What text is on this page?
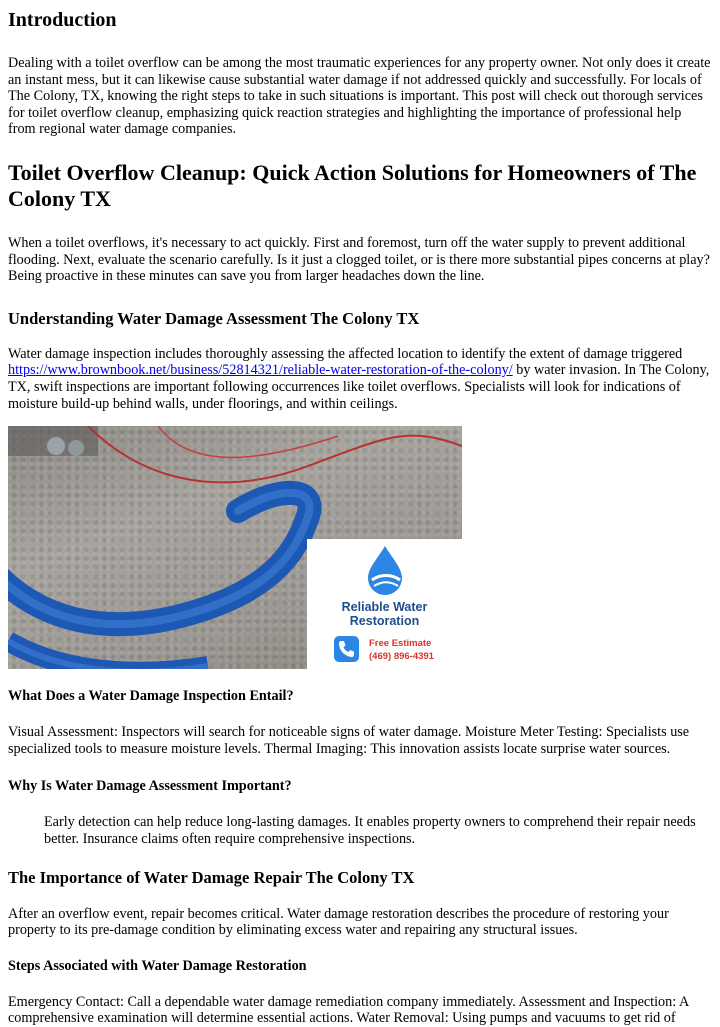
Introduction

Dealing with a toilet overflow can be among the most traumatic experiences for any property owner. Not only does it create an instant mess, but it can likewise cause substantial water damage if not addressed quickly and successfully. For locals of The Colony, TX, knowing the right steps to take in such situations is important. This post will check out thorough services for toilet overflow cleanup, emphasizing quick reaction strategies and highlighting the importance of professional help from regional water damage companies.

Toilet Overflow Cleanup: Quick Action Solutions for Homeowners of The Colony TX

When a toilet overflows, it's necessary to act quickly. First and foremost, turn off the water supply to prevent additional flooding. Next, evaluate the scenario carefully. Is it just a clogged toilet, or is there more substantial pipes concerns at play? Being proactive in these minutes can save you from larger headaches down the line.

Understanding Water Damage Assessment The Colony TX

Water damage inspection includes thoroughly assessing the affected location to identify the extent of damage triggered https://www.brownbook.net/business/52814321/reliable-water-restoration-of-the-colony/ by water invasion. In The Colony, TX, swift inspections are important following occurrences like toilet overflows. Specialists will look for indications of moisture build-up behind walls, under floorings, and within ceilings.

Reliable Water
Restoration
Free Estimate
(469) 896-4391
What Does a Water Damage Inspection Entail?

Visual Assessment: Inspectors will search for noticeable signs of water damage. Moisture Meter Testing: Specialists use specialized tools to measure moisture levels. Thermal Imaging: This innovation assists locate surprise water sources.

Why Is Water Damage Assessment Important?

Early detection can help reduce long-lasting damages. It enables property owners to comprehend their repair needs better. Insurance claims often require comprehensive inspections.

The Importance of Water Damage Repair The Colony TX

After an overflow event, repair becomes critical. Water damage restoration describes the procedure of restoring your property to its pre-damage condition by eliminating excess water and repairing any structural issues.

Steps Associated with Water Damage Restoration

Emergency Contact: Call a dependable water damage remediation company immediately. Assessment and Inspection: A comprehensive examination will determine essential actions. Water Removal: Using pumps and vacuums to get rid of
